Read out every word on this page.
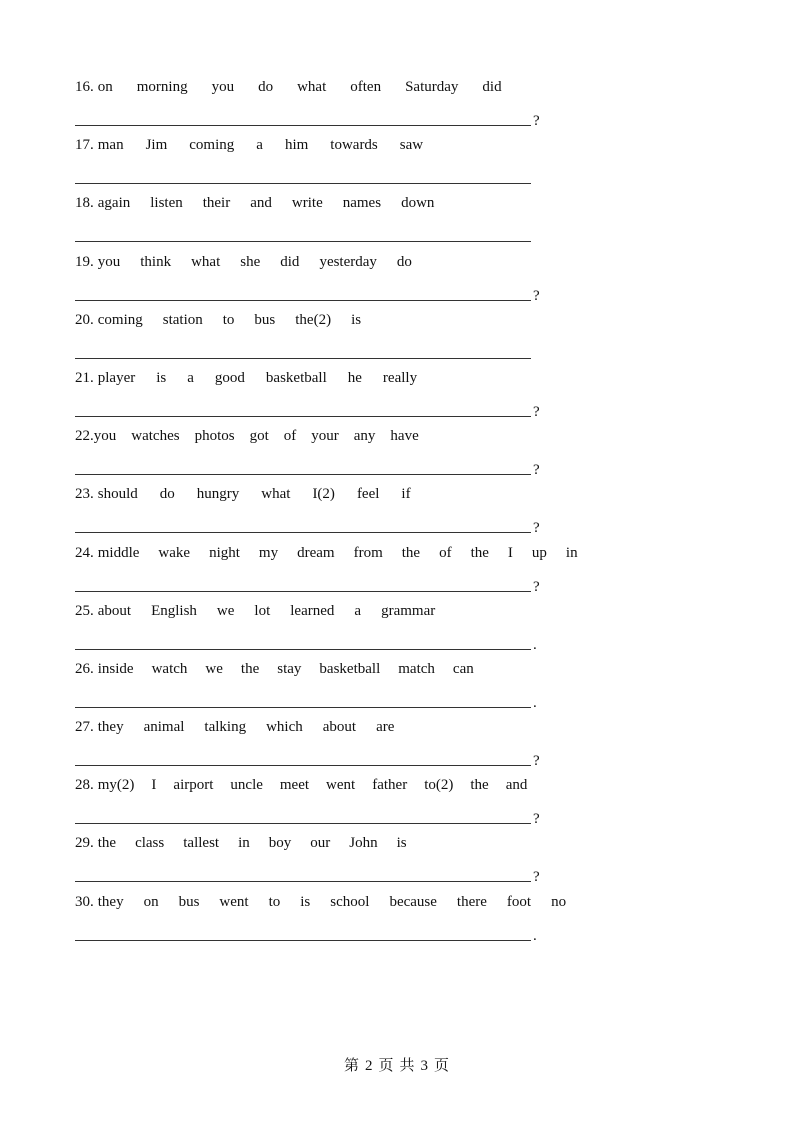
16. on morning you do what often Saturday did
?
17. man Jim coming a him towards saw
18. again listen their and write names down
19. you think what she did yesterday do
?
20. coming station to bus the(2) is
21. player is a good basketball he really
?
22.you watches photos got of your any have
?
23. should do hungry what I(2) feel if
?
24. middle wake night my dream from the of the I up in
?
25. about English we lot learned a grammar
.
26. inside watch we the stay basketball match can
.
27. they animal talking which about are
?
28. my(2) I airport uncle meet went father to(2) the and
?
29. the class tallest in boy our John is
?
30. they on bus went to is school because there foot no
.
第 2 页 共 3 页
